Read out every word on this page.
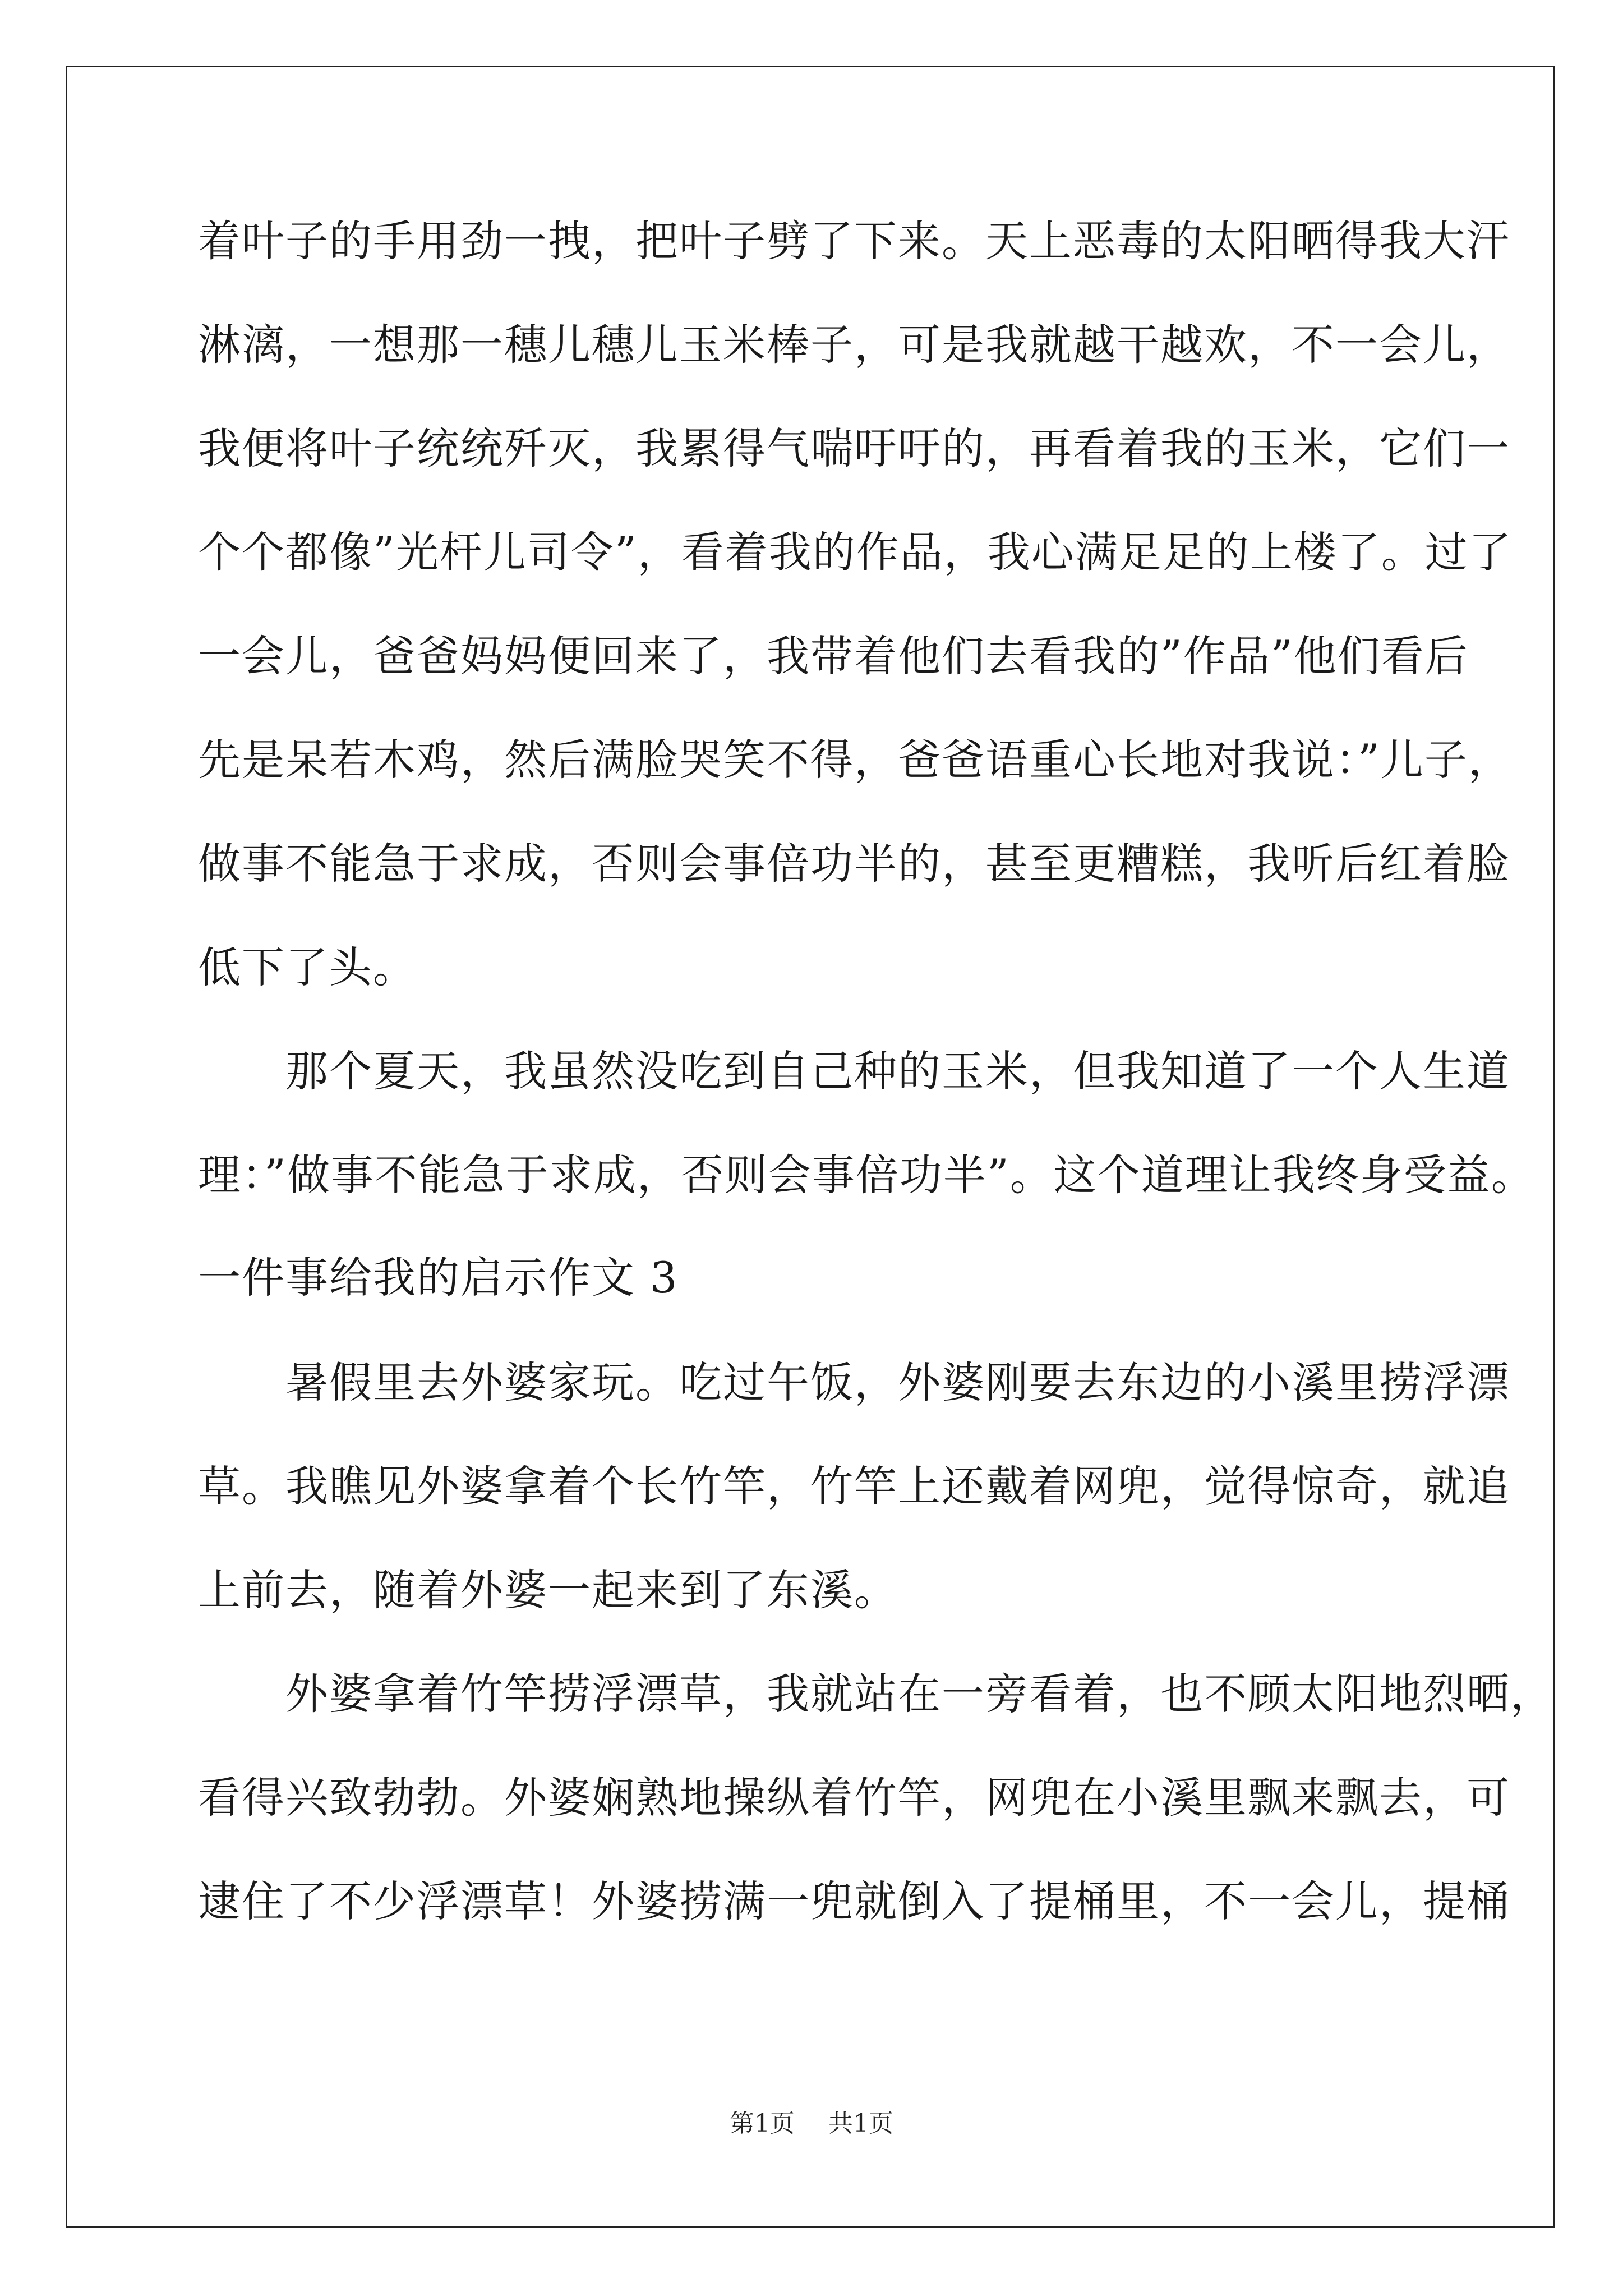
着叶子的手用劲一拽，把叶子劈了下来。天上恶毒的太阳晒得我大汗
淋漓，一想那一穗儿穗儿玉米棒子，可是我就越干越欢，不一会儿，
我便将叶子统统歼灭，我累得气喘吁吁的，再看着我的玉米，它们一
个个都像”光杆儿司令”，看着我的作品，我心满足足的上楼了。过了
一会儿，爸爸妈妈便回来了，我带着他们去看我的”作品”他们看后
先是呆若木鸡，然后满脸哭笑不得，爸爸语重心长地对我说：”儿子，
做事不能急于求成，否则会事倍功半的，甚至更糟糕，我听后红着脸
低下了头。
　　那个夏天，我虽然没吃到自己种的玉米，但我知道了一个人生道
理：”做事不能急于求成，否则会事倍功半”。这个道理让我终身受益。
一件事给我的启示作文 3
　　暑假里去外婆家玩。吃过午饭，外婆刚要去东边的小溪里捞浮漂
草。我瞧见外婆拿着个长竹竿，竹竿上还戴着网兜，觉得惊奇，就追
上前去，随着外婆一起来到了东溪。
　　外婆拿着竹竿捞浮漂草，我就站在一旁看着，也不顾太阳地烈晒，
看得兴致勃勃。外婆娴熟地操纵着竹竿，网兜在小溪里飘来飘去，可
逮住了不少浮漂草！外婆捞满一兜就倒入了提桶里，不一会儿，提桶
第1页 共1页
